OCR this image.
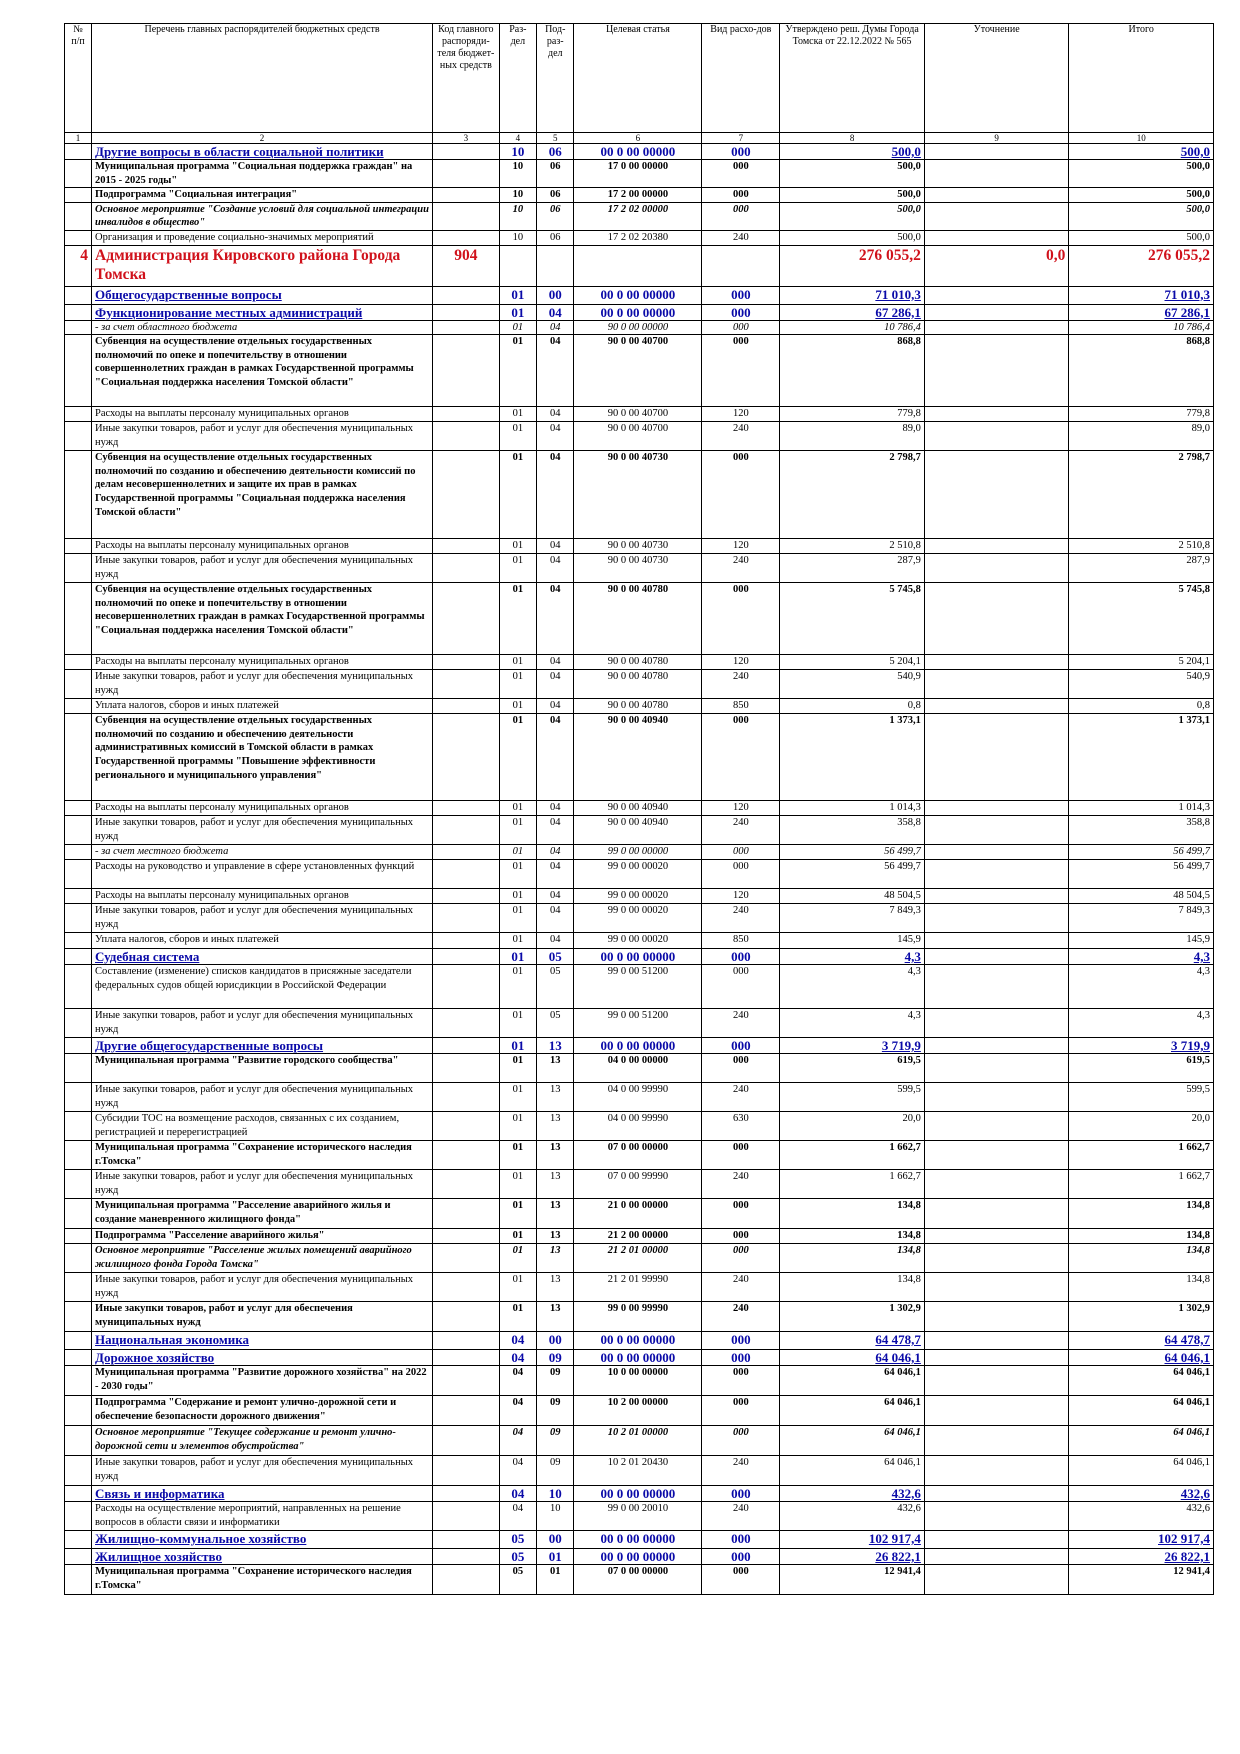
№ п/п	Перечень главных распорядителей бюджетных средств	Код главного распоряди-теля бюджет-ных средств	Раз-дел	Под-раз-дел	Целевая статья	Вид расхо-дов	Утверждено реш. Думы Города Томска от 22.12.2022 № 565	Уточнение	Итого
1	2	3	4	5	6	7	8	9	10
	Другие вопросы в области социальной политики		10	06	00 0 00 00000	000	500,0		500,0
	Муниципальная программа "Социальная поддержка граждан" на 2015 - 2025 годы"		10	06	17 0 00 00000	000	500,0		500,0
	Подпрограмма "Социальная интеграция"		10	06	17 2 00 00000	000	500,0		500,0
	Основное мероприятие "Создание условий для социальной интеграции инвалидов в общество"		10	06	17 2 02 00000	000	500,0		500,0
	Организация и проведение социально-значимых мероприятий		10	06	17 2 02 20380	240	500,0		500,0
4	Администрация Кировского района Города Томска	904					276 055,2	0,0	276 055,2
	Общегосударственные вопросы		01	00	00 0 00 00000	000	71 010,3		71 010,3
	Функционирование местных администраций		01	04	00 0 00 00000	000	67 286,1		67 286,1
	- за счет областного бюджета		01	04	90 0 00 00000	000	10 786,4		10 786,4
	Субвенция на осуществление отдельных государственных полномочий по опеке и попечительству в отношении совершеннолетних граждан в рамках Государственной программы "Социальная поддержка населения Томской области"		01	04	90 0 00 40700	000	868,8		868,8
	Расходы на выплаты персоналу муниципальных органов		01	04	90 0 00 40700	120	779,8		779,8
	Иные закупки товаров, работ и услуг для обеспечения муниципальных нужд		01	04	90 0 00 40700	240	89,0		89,0
	Субвенция на осуществление отдельных государственных полномочий по созданию и обеспечению деятельности комиссий по делам несовершеннолетних и защите их прав в рамках Государственной программы "Социальная поддержка населения Томской области"		01	04	90 0 00 40730	000	2 798,7		2 798,7
	Расходы на выплаты персоналу муниципальных органов		01	04	90 0 00 40730	120	2 510,8		2 510,8
	Иные закупки товаров, работ и услуг для обеспечения муниципальных нужд		01	04	90 0 00 40730	240	287,9		287,9
	Субвенция на осуществление отдельных государственных полномочий по опеке и попечительству в отношении несовершеннолетних граждан в рамках Государственной программы "Социальная поддержка населения Томской области"		01	04	90 0 00 40780	000	5 745,8		5 745,8
	Расходы на выплаты персоналу муниципальных органов		01	04	90 0 00 40780	120	5 204,1		5 204,1
	Иные закупки товаров, работ и услуг для обеспечения муниципальных нужд		01	04	90 0 00 40780	240	540,9		540,9
	Уплата налогов, сборов и иных платежей		01	04	90 0 00 40780	850	0,8		0,8
	Субвенция на осуществление отдельных государственных полномочий по созданию и обеспечению деятельности административных комиссий в Томской области в рамках Государственной программы "Повышение эффективности регионального и муниципального управления"		01	04	90 0 00 40940	000	1 373,1		1 373,1
	Расходы на выплаты персоналу муниципальных органов		01	04	90 0 00 40940	120	1 014,3		1 014,3
	Иные закупки товаров, работ и услуг для обеспечения муниципальных нужд		01	04	90 0 00 40940	240	358,8		358,8
	- за счет местного бюджета		01	04	99 0 00 00000	000	56 499,7		56 499,7
	Расходы на руководство и управление в сфере установленных функций		01	04	99 0 00 00020	000	56 499,7		56 499,7
	Расходы на выплаты персоналу муниципальных органов		01	04	99 0 00 00020	120	48 504,5		48 504,5
	Иные закупки товаров, работ и услуг для обеспечения муниципальных нужд		01	04	99 0 00 00020	240	7 849,3		7 849,3
	Уплата налогов, сборов и иных платежей		01	04	99 0 00 00020	850	145,9		145,9
	Судебная система		01	05	00 0 00 00000	000	4,3		4,3
	Составление (изменение) списков кандидатов в присяжные заседатели федеральных судов общей юрисдикции в Российской Федерации		01	05	99 0 00 51200	000	4,3		4,3
	Иные закупки товаров, работ и услуг для обеспечения муниципальных нужд		01	05	99 0 00 51200	240	4,3		4,3
	Другие общегосударственные вопросы		01	13	00 0 00 00000	000	3 719,9		3 719,9
	Муниципальная программа "Развитие городского сообщества"		01	13	04 0 00 00000	000	619,5		619,5
	Иные закупки товаров, работ и услуг для обеспечения муниципальных нужд		01	13	04 0 00 99990	240	599,5		599,5
	Субсидии ТОС на возмещение расходов, связанных с их созданием, регистрацией и перерегистрацией		01	13	04 0 00 99990	630	20,0		20,0
	Муниципальная программа "Сохранение исторического наследия г.Томска"		01	13	07 0 00 00000	000	1 662,7		1 662,7
	Иные закупки товаров, работ и услуг для обеспечения муниципальных нужд		01	13	07 0 00 99990	240	1 662,7		1 662,7
	Муниципальная программа "Расселение аварийного жилья и создание маневренного жилищного фонда"		01	13	21 0 00 00000	000	134,8		134,8
	Подпрограмма "Расселение аварийного жилья"		01	13	21 2 00 00000	000	134,8		134,8
	Основное мероприятие "Расселение жилых помещений аварийного жилищного фонда Города Томска"		01	13	21 2 01 00000	000	134,8		134,8
	Иные закупки товаров, работ и услуг для обеспечения муниципальных нужд		01	13	21 2 01 99990	240	134,8		134,8
	Иные закупки товаров, работ и услуг для обеспечения муниципальных нужд		01	13	99 0 00 99990	240	1 302,9		1 302,9
	Национальная экономика		04	00	00 0 00 00000	000	64 478,7		64 478,7
	Дорожное хозяйство		04	09	00 0 00 00000	000	64 046,1		64 046,1
	Муниципальная программа "Развитие дорожного хозяйства" на 2022 - 2030 годы"		04	09	10 0 00 00000	000	64 046,1		64 046,1
	Подпрограмма "Содержание и ремонт улично-дорожной сети и обеспечение безопасности дорожного движения"		04	09	10 2 00 00000	000	64 046,1		64 046,1
	Основное мероприятие "Текущее содержание и ремонт улично-дорожной сети и элементов обустройства"		04	09	10 2 01 00000	000	64 046,1		64 046,1
	Иные закупки товаров, работ и услуг для обеспечения муниципальных нужд		04	09	10 2 01 20430	240	64 046,1		64 046,1
	Связь и информатика		04	10	00 0 00 00000	000	432,6		432,6
	Расходы на осуществление мероприятий, направленных на решение вопросов в области связи и информатики		04	10	99 0 00 20010	240	432,6		432,6
	Жилищно-коммунальное хозяйство		05	00	00 0 00 00000	000	102 917,4		102 917,4
	Жилищное хозяйство		05	01	00 0 00 00000	000	26 822,1		26 822,1
	Муниципальная программа "Сохранение исторического наследия г.Томска"		05	01	07 0 00 00000	000	12 941,4		12 941,4
